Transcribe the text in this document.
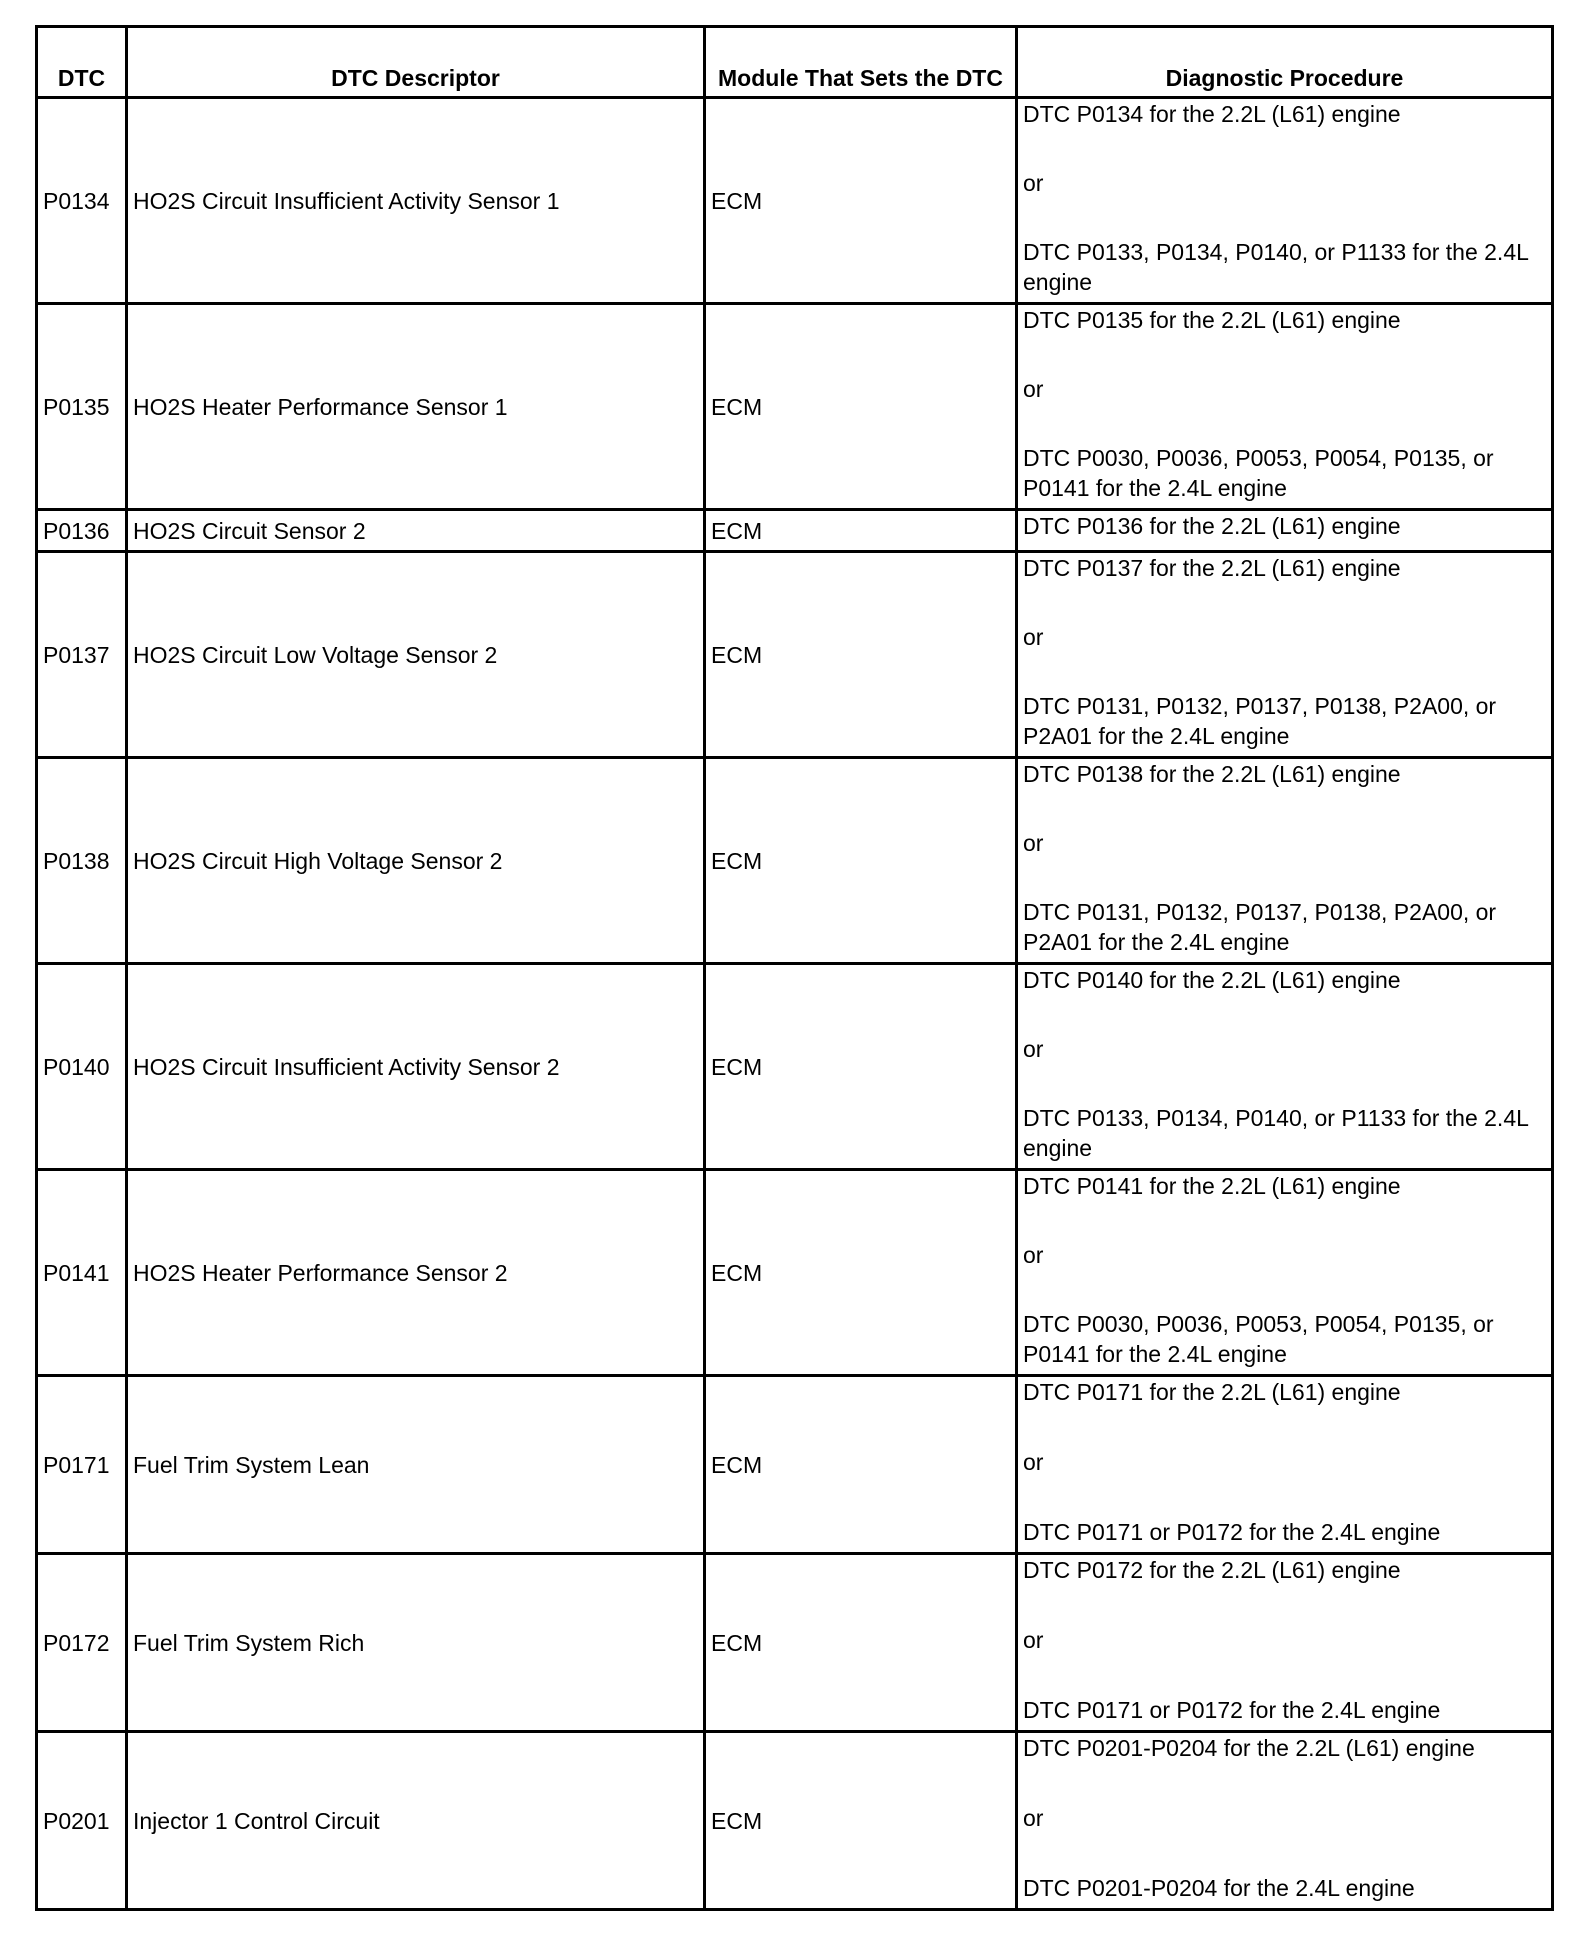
DTC	DTC Descriptor	Module That Sets the DTC	Diagnostic Procedure
P0134	HO2S Circuit Insufficient Activity Sensor 1	ECM	DTC P0134 for the 2.2L (L61) engine
or
DTC P0133, P0134, P0140, or P1133 for the 2.4L engine

P0135	HO2S Heater Performance Sensor 1	ECM	DTC P0135 for the 2.2L (L61) engine
or
DTC P0030, P0036, P0053, P0054, P0135, or P0141 for the 2.4L engine

P0136	HO2S Circuit Sensor 2	ECM	DTC P0136 for the 2.2L (L61) engine

P0137	HO2S Circuit Low Voltage Sensor 2	ECM	DTC P0137 for the 2.2L (L61) engine
or
DTC P0131, P0132, P0137, P0138, P2A00, or P2A01 for the 2.4L engine

P0138	HO2S Circuit High Voltage Sensor 2	ECM	DTC P0138 for the 2.2L (L61) engine
or
DTC P0131, P0132, P0137, P0138, P2A00, or P2A01 for the 2.4L engine

P0140	HO2S Circuit Insufficient Activity Sensor 2	ECM	DTC P0140 for the 2.2L (L61) engine
or
DTC P0133, P0134, P0140, or P1133 for the 2.4L engine

P0141	HO2S Heater Performance Sensor 2	ECM	DTC P0141 for the 2.2L (L61) engine
or
DTC P0030, P0036, P0053, P0054, P0135, or P0141 for the 2.4L engine

P0171	Fuel Trim System Lean	ECM	DTC P0171 for the 2.2L (L61) engine
or
DTC P0171 or P0172 for the 2.4L engine

P0172	Fuel Trim System Rich	ECM	DTC P0172 for the 2.2L (L61) engine
or
DTC P0171 or P0172 for the 2.4L engine

P0201	Injector 1 Control Circuit	ECM	DTC P0201-P0204 for the 2.2L (L61) engine
or
DTC P0201-P0204 for the 2.4L engine
